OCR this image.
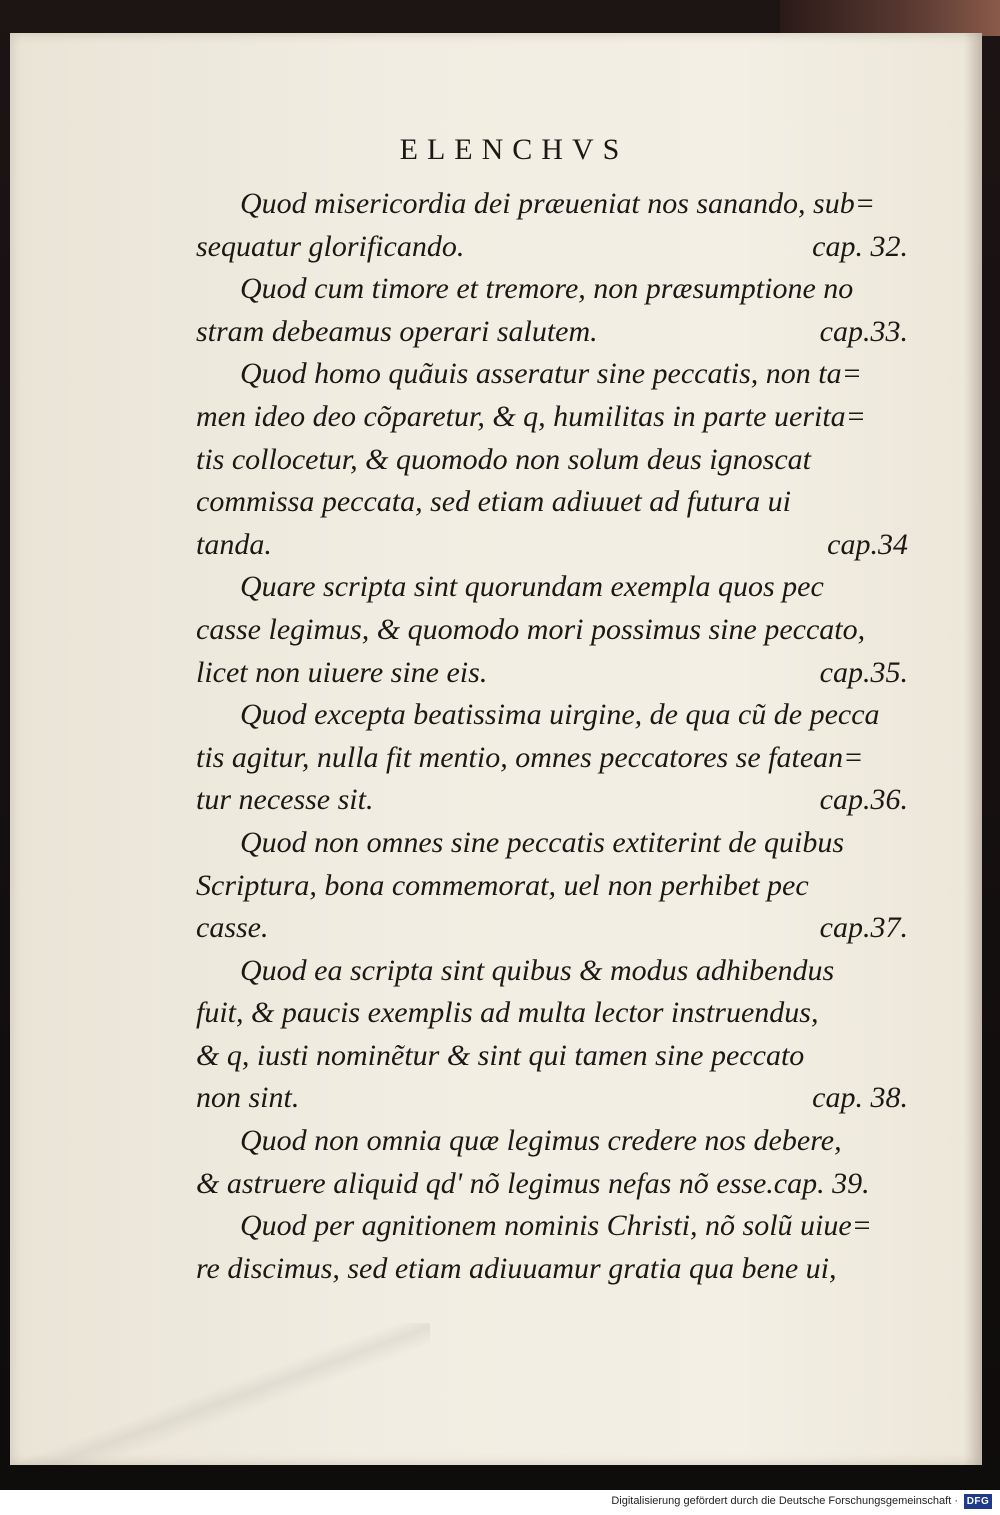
ELENCHVS
Quod misericordia dei præueniat nos sanando, sub=
sequatur glorificando.	cap. 32.
Quod cum timore et tremore, non præsumptione no
stram debeamus operari salutem.	cap.33.
Quod homo quãuis asseratur sine peccatis, non ta=
men ideo deo cõparetur, & q, humilitas in parte uerita=
tis collocetur, & quomodo non solum deus ignoscat
commissa peccata, sed etiam adiuuet ad futura ui
tanda.	cap.34
Quare scripta sint quorundam exempla quos pec
casse legimus, & quomodo mori possimus sine peccato,
licet non uiuere sine eis.	cap.35.
Quod excepta beatissima uirgine, de qua cũ de pecca
tis agitur, nulla fit mentio, omnes peccatores se fatean=
tur necesse sit.	cap.36.
Quod non omnes sine peccatis extiterint de quibus
Scriptura, bona commemorat, uel non perhibet pec
casse.	cap.37.
Quod ea scripta sint quibus & modus adhibendus
fuit, & paucis exemplis ad multa lector instruendus,
& q, iusti nominẽtur & sint qui tamen sine peccato
non sint.	cap. 38.
Quod non omnia quæ legimus credere nos debere,
& astruere aliquid qd' nõ legimus nefas nõ esse.cap. 39.
Quod per agnitionem nominis Christi, nõ solũ uiue=
re discimus, sed etiam adiuuamur gratia qua bene ui,
Digitalisierung gefördert durch die Deutsche Forschungsgemeinschaft · DFG
